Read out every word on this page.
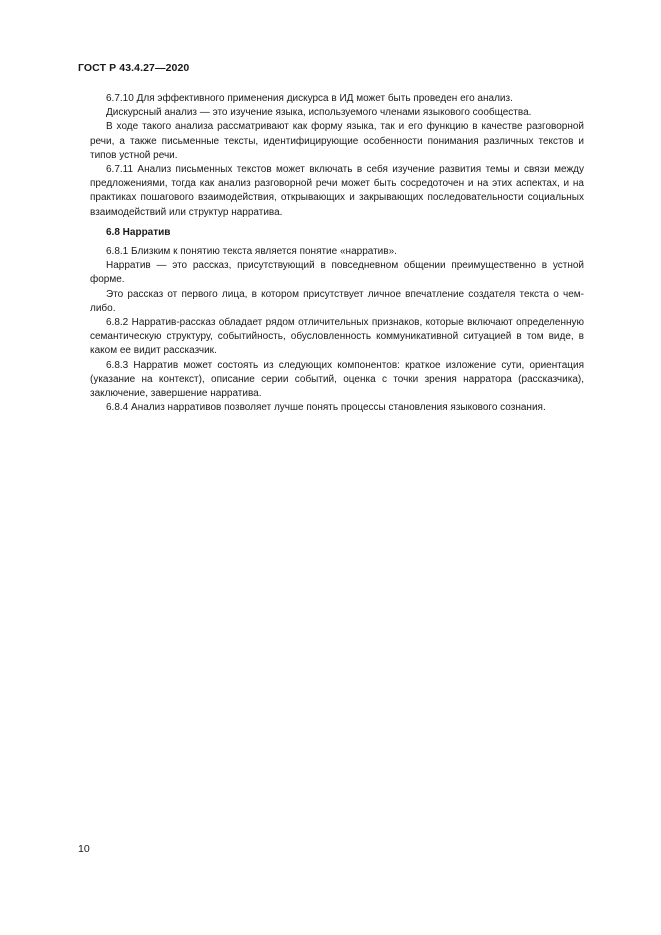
ГОСТ Р 43.4.27—2020

6.7.10 Для эффективного применения дискурса в ИД может быть проведен его анализ.

Дискурсный анализ — это изучение языка, используемого членами языкового сообщества.

В ходе такого анализа рассматривают как форму языка, так и его функцию в качестве разговорной речи, а также письменные тексты, идентифицирующие особенности понимания различных текстов и типов устной речи.

6.7.11 Анализ письменных текстов может включать в себя изучение развития темы и связи между предложениями, тогда как анализ разговорной речи может быть сосредоточен и на этих аспектах, и на практиках пошагового взаимодействия, открывающих и закрывающих последовательности социальных взаимодействий или структур нарратива.

6.8 Нарратив

6.8.1 Близким к понятию текста является понятие «нарратив».

Нарратив — это рассказ, присутствующий в повседневном общении преимущественно в устной форме.

Это рассказ от первого лица, в котором присутствует личное впечатление создателя текста о чем-либо.

6.8.2 Нарратив-рассказ обладает рядом отличительных признаков, которые включают определенную семантическую структуру, событийность, обусловленность коммуникативной ситуацией в том виде, в каком ее видит рассказчик.

6.8.3 Нарратив может состоять из следующих компонентов: краткое изложение сути, ориентация (указание на контекст), описание серии событий, оценка с точки зрения нарратора (рассказчика), заключение, завершение нарратива.

6.8.4 Анализ нарративов позволяет лучше понять процессы становления языкового сознания.

10
